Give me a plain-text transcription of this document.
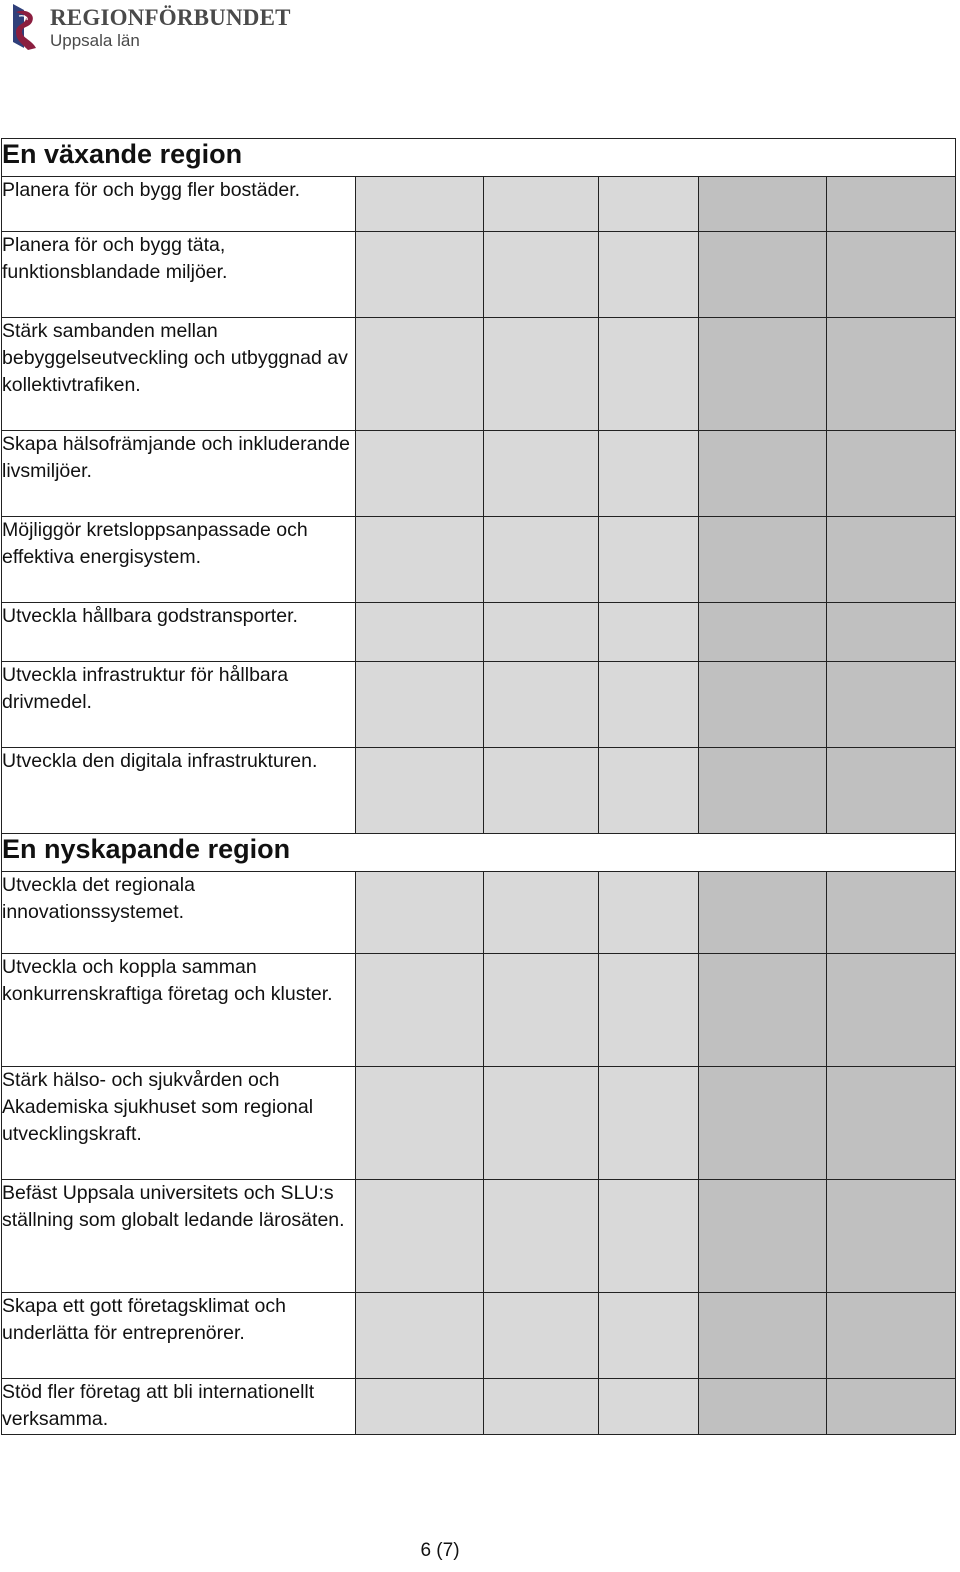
REGIONFÖRBUNDET
Uppsala län
En växande region					
Planera för och bygg fler bostäder.					
Planera för och bygg täta, funktionsblandade miljöer.					
Stärk sambanden mellan bebyggelseutveckling och utbyggnad av kollektivtrafiken.					
Skapa hälsofrämjande och inkluderande livsmiljöer.					
Möjliggör kretsloppsanpassade och effektiva energisystem.					
Utveckla hållbara godstransporter.					
Utveckla infrastruktur för hållbara drivmedel.					
Utveckla den digitala infrastrukturen.					
En nyskapande region					
Utveckla det regionala innovationssystemet.					
Utveckla och koppla samman konkurrenskraftiga företag och kluster.					
Stärk hälso- och sjukvården och Akademiska sjukhuset som regional utvecklingskraft.					
Befäst Uppsala universitets och SLU:s ställning som globalt ledande lärosäten.					
Skapa ett gott företagsklimat och underlätta för entreprenörer.					
Stöd fler företag att bli internationellt verksamma.					
6 (7)
